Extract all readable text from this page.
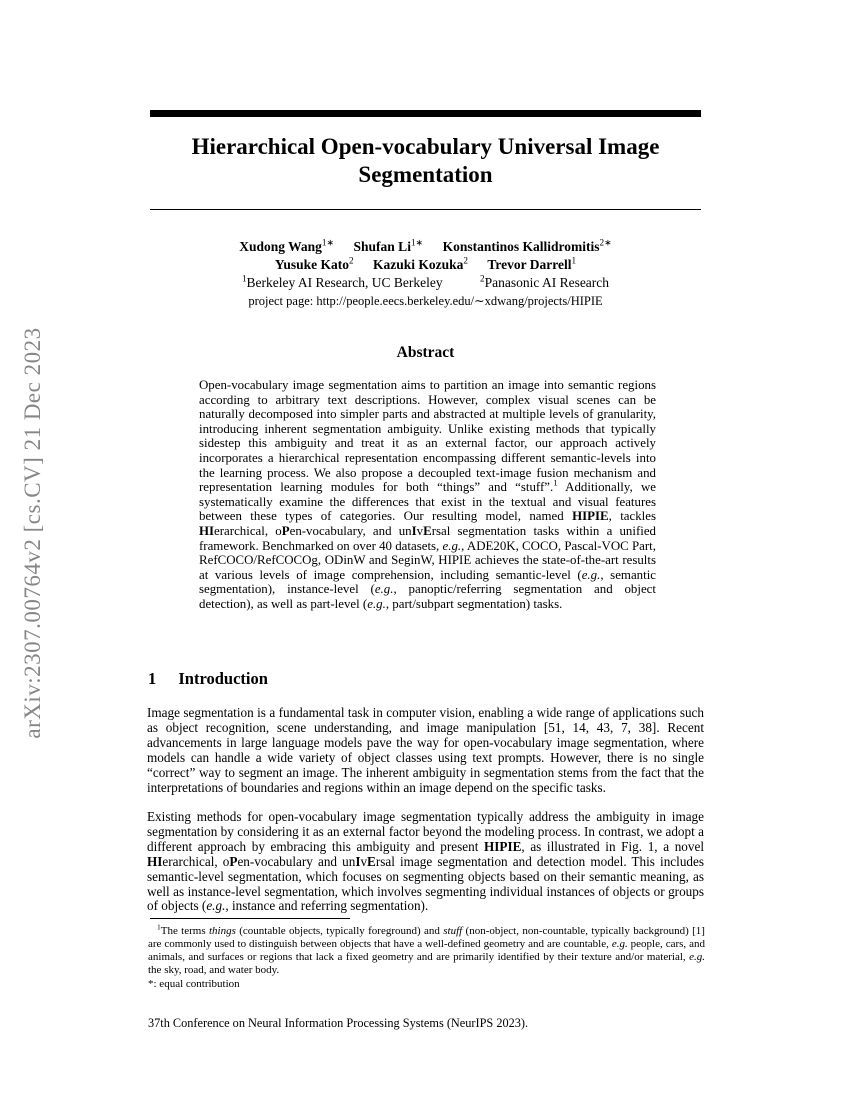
arXiv:2307.00764v2 [cs.CV] 21 Dec 2023
Hierarchical Open-vocabulary Universal Image
Segmentation
Xudong Wang$^{1∗}$ Shufan $Li^{1∗}$ Konstantinos Kallidromitis$^{2∗}$
Yusuke Kato$^2$ Kazuki Kozuka$^2$ Trevor Darrell$^1$
$^1$Berkeley AI Research, UC Berkeley	$^2$Panasonic AI Research
project page: http://people.eecs.berkeley.edu/∼xdwang/projects/HIPIE
Abstract
Open-vocabulary image segmentation aims to partition an image into semantic regions according to arbitrary text descriptions. However, complex visual scenes can be naturally decomposed into simpler parts and abstracted at multiple levels of granularity, introducing inherent segmentation ambiguity. Unlike existing methods that typically sidestep this ambiguity and treat it as an external factor, our approach actively incorporates a hierarchical representation encompassing different semantic-levels into the learning process. We also propose a decoupled text-image fusion mechanism and representation learning modules for both “things” and “stuff”.$^1$ Additionally, we systematically examine the differences that exist in the textual and visual features between these types of categories. Our resulting model, named HIPIE, tackles HIerarchical, oPen-vocabulary, and unIvErsal segmentation tasks within a unified framework. Benchmarked on over 40 datasets, e.g., ADE20K, COCO, Pascal-VOC Part, RefCOCO/RefCOCOg, ODinW and SeginW, HIPIE achieves the state-of-the-art results at various levels of image comprehension, including semantic-level (e.g., semantic segmentation), instance-level (e.g., panoptic/referring segmentation and object detection), as well as part-level (e.g., part/subpart segmentation) tasks.
1 Introduction

Image segmentation is a fundamental task in computer vision, enabling a wide range of applications such as object recognition, scene understanding, and image manipulation [51, 14, 43, 7, 38]. Recent advancements in large language models pave the way for open-vocabulary image segmentation, where models can handle a wide variety of object classes using text prompts. However, there is no single “correct” way to segment an image. The inherent ambiguity in segmentation stems from the fact that the interpretations of boundaries and regions within an image depend on the specific tasks.

Existing methods for open-vocabulary image segmentation typically address the ambiguity in image segmentation by considering it as an external factor beyond the modeling process. In contrast, we adopt a different approach by embracing this ambiguity and present HIPIE, as illustrated in Fig. 1, a novel HIerarchical, oPen-vocabulary and unIvErsal image segmentation and detection model. This includes semantic-level segmentation, which focuses on segmenting objects based on their semantic meaning, as well as instance-level segmentation, which involves segmenting individual instances of objects or groups of objects (e.g., instance and referring segmentation).

$^1$The terms things (countable objects, typically foreground) and stuff (non-object, non-countable, typically background) [1] are commonly used to distinguish between objects that have a well-defined geometry and are countable, e.g. people, cars, and animals, and surfaces or regions that lack a fixed geometry and are primarily identified by their texture and/or material, e.g. the sky, road, and water body.
*: equal contribution
37th Conference on Neural Information Processing Systems (NeurIPS 2023).
